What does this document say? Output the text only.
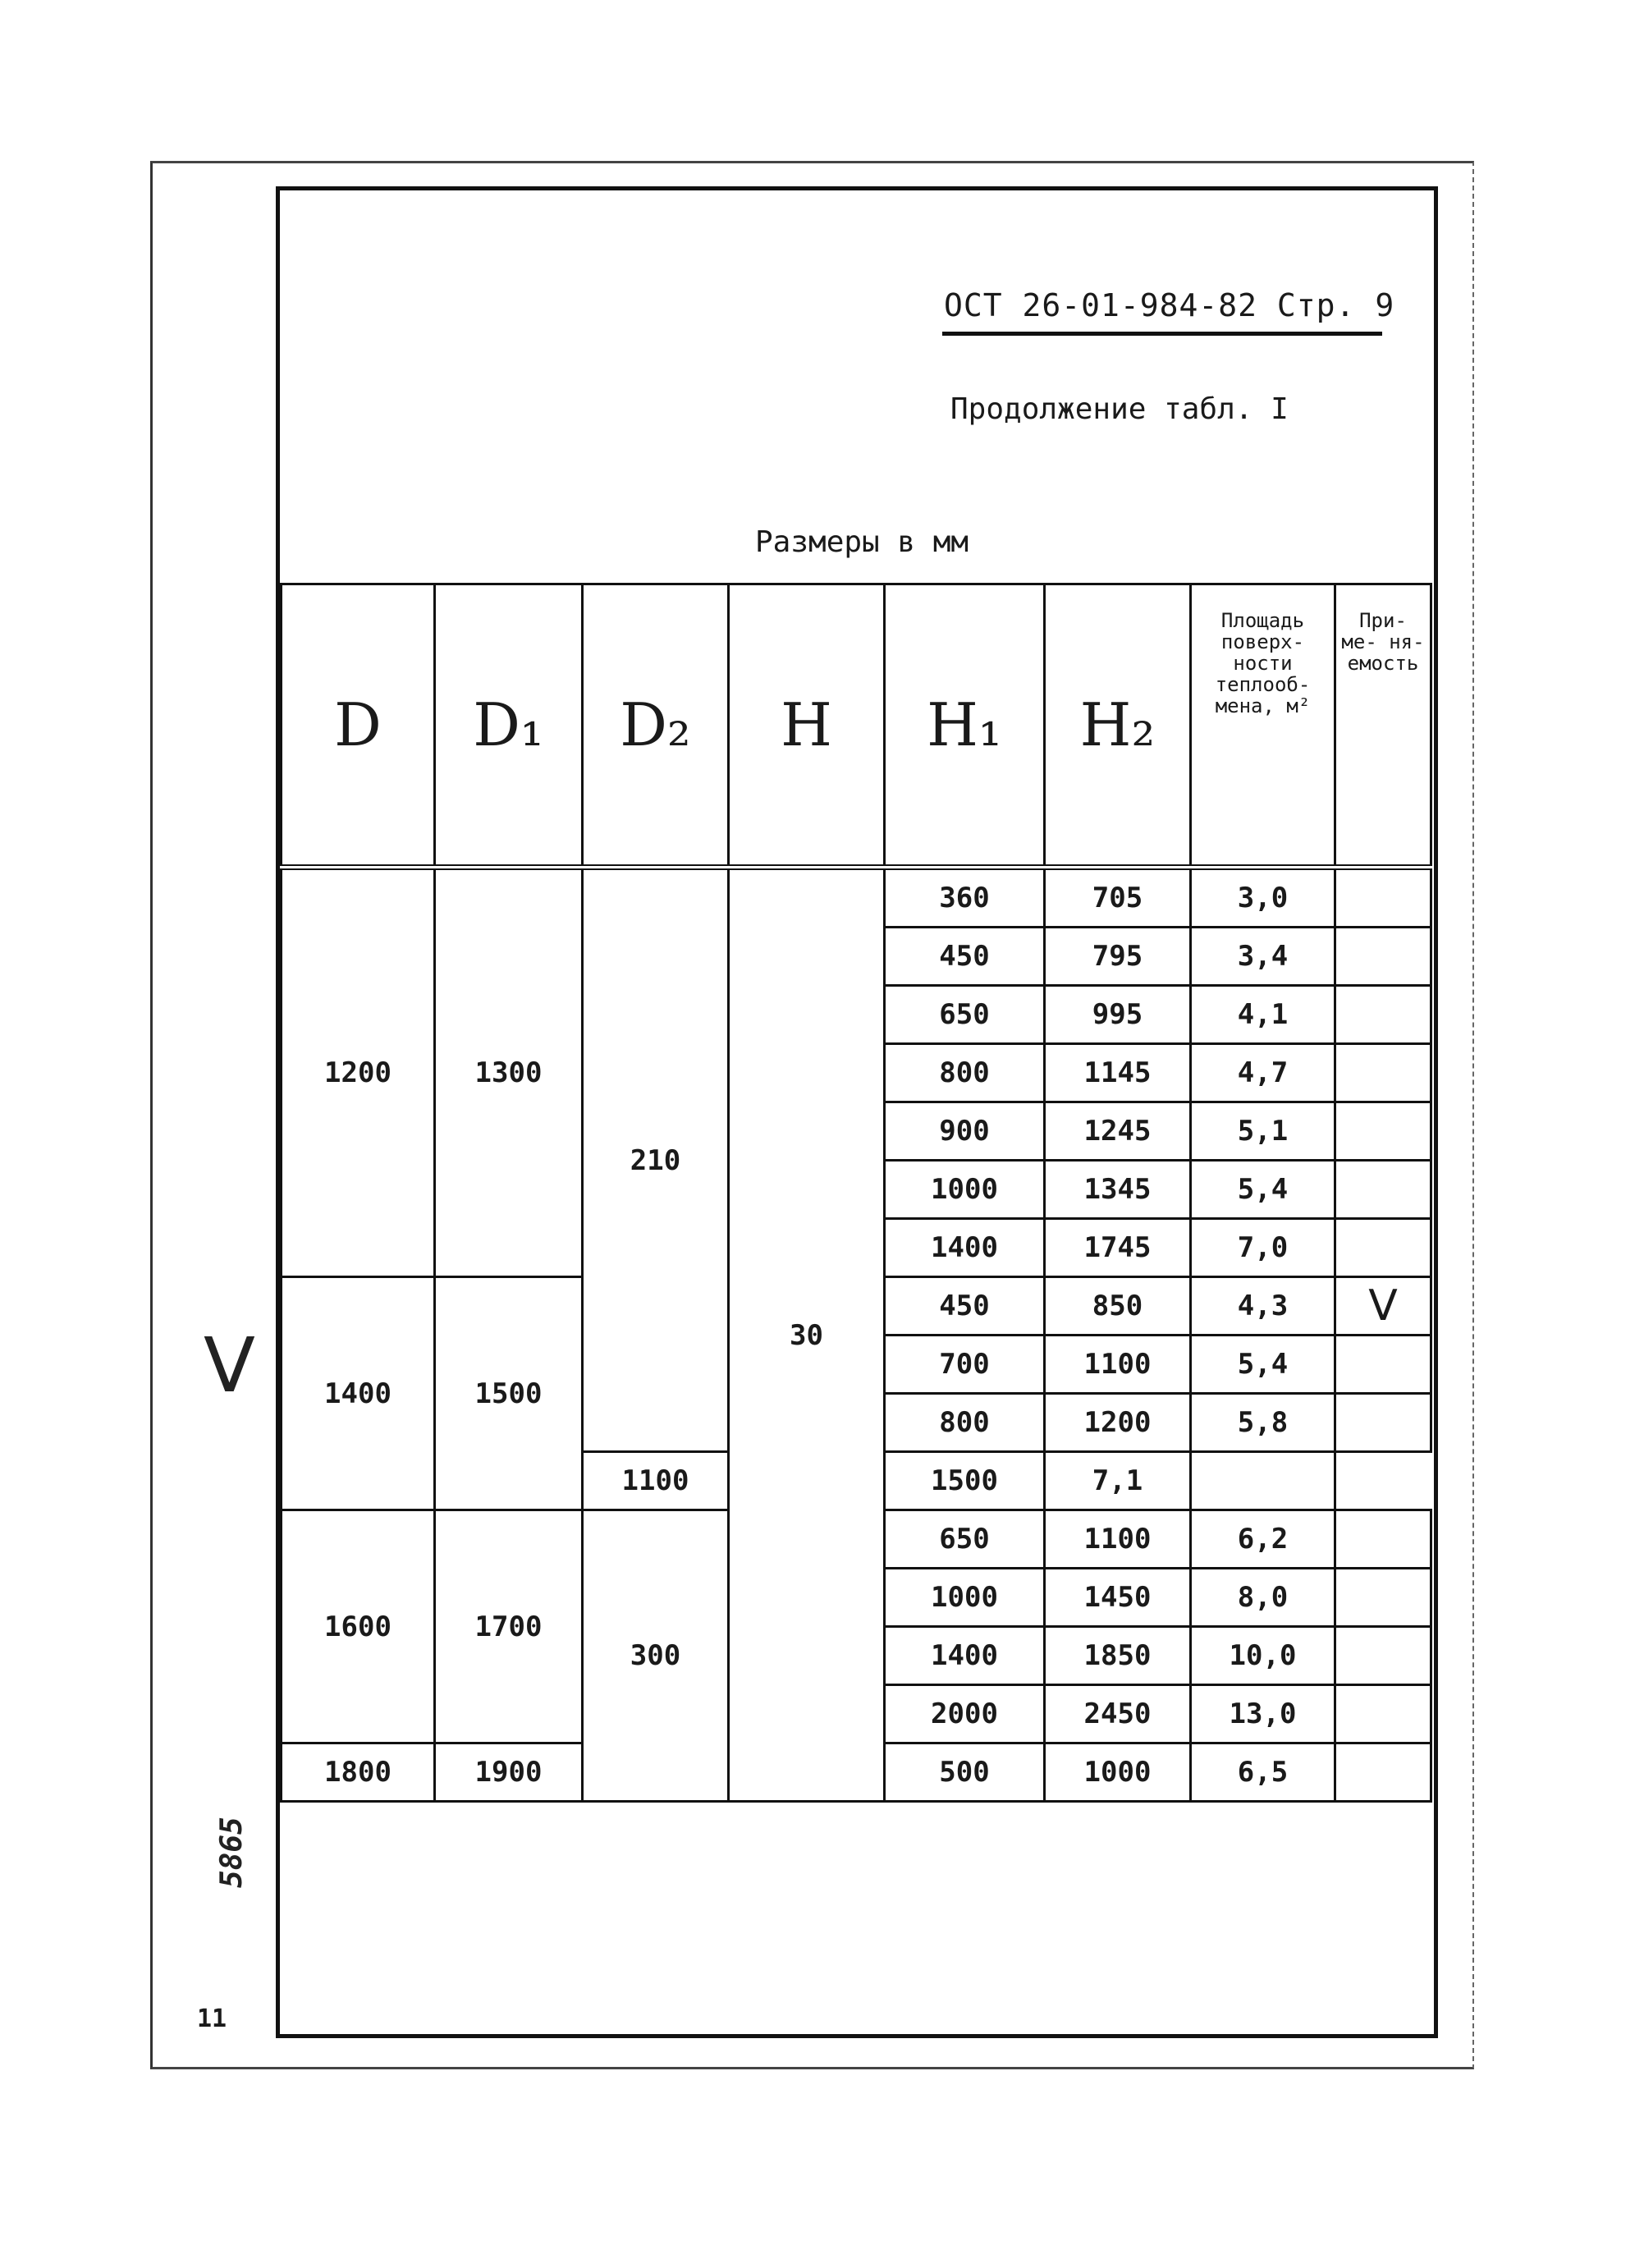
ОСТ 26-01-984-82 Стр. 9
Продолжение табл. I
Размеры в мм
D	D₁	D₂	H	H₁	H₂	Площадь поверх- ности теплооб- мена, м²	При- ме- ня- емость
1200	1300	210	30	360	705	3,0	
				450	795	3,4	
				650	995	4,1	
				800	1145	4,7	
				900	1245	5,1	
				1000	1345	5,4	
				1400	1745	7,0	
1400	1500			450	850	4,3	V
				700	1100	5,4	
				800	1200	5,8	
		1100		1500	7,1		
1600	1700	300		650	1100	6,2	
				1000	1450	8,0	
				1400	1850	10,0	
				2000	2450	13,0	
1800	1900			500	1000	6,5	
V
5865
11
